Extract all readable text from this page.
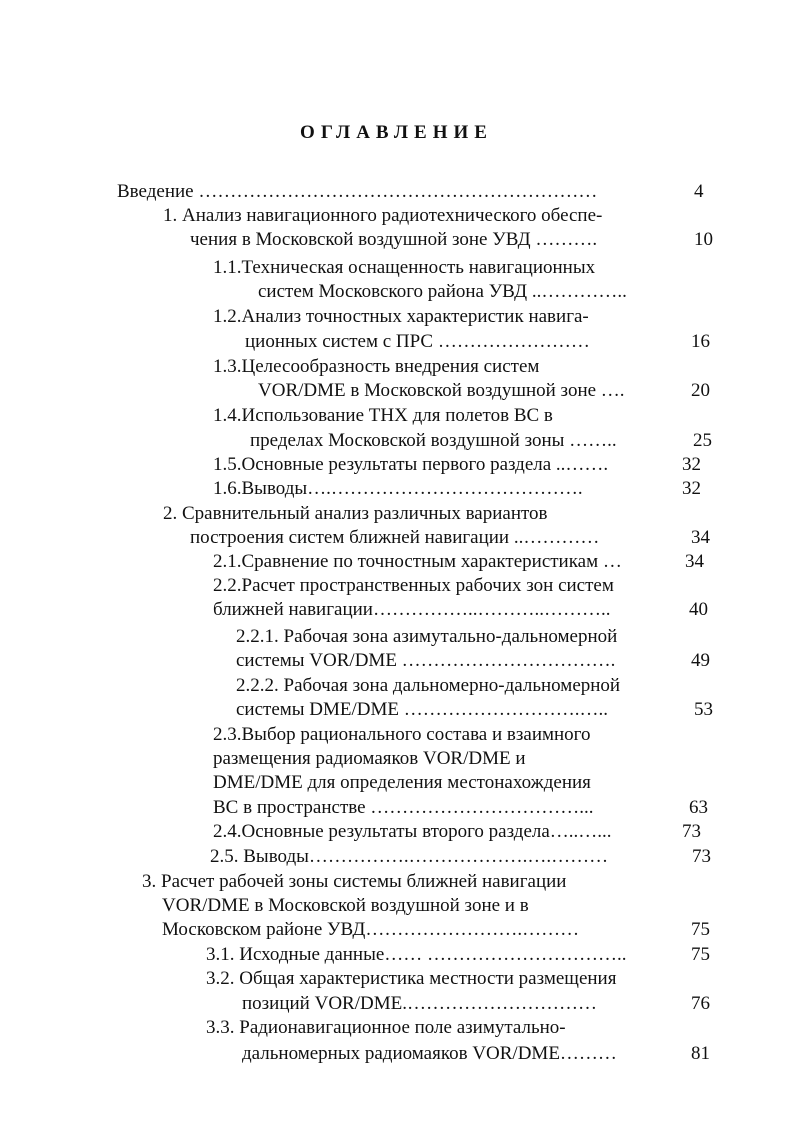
ОГЛАВЛЕНИЕ
Введение ………………………………………………………	4
1. Анализ навигационного радиотехнического обеспе-
чения в Московской воздушной зоне УВД ……….	10
1.1.Техническая оснащенность навигационных
систем Московского района УВД ..…………..
1.2.Анализ точностных характеристик навига-
ционных систем с ПРС ……………………	16
1.3.Целесообразность внедрения систем
VOR/DME в Московской воздушной зоне ….	20
1.4.Использование ТНХ для полетов ВС в
пределах Московской воздушной зоны ……..	25
1.5.Основные результаты первого раздела ..…….	32
1.6.Выводы….………………………………….	32
2. Сравнительный анализ различных вариантов
построения систем ближней навигации ..…………	34
2.1.Сравнение по точностным характеристикам …	34
2.2.Расчет пространственных рабочих зон систем
ближней навигации……………..………..………..	40
2.2.1. Рабочая зона азимутально-дальномерной
системы VOR/DME …………………………….	49
2.2.2. Рабочая зона дальномерно-дальномерной
системы DME/DME ……………………….…..	53
2.3.Выбор рационального состава и взаимного
размещения радиомаяков VOR/DME и
DME/DME для определения местонахождения
ВС в пространстве ……………………………...	63
2.4.Основные результаты второго раздела…..…...	73
2.5. Выводы…………….……………….….………	73
3. Расчет рабочей зоны системы ближней навигации
VOR/DME в Московской воздушной зоне и в
Московском районе УВД…………………….………	75
3.1. Исходные данные…… …………………………..	75
3.2. Общая характеристика местности размещения
позиций VOR/DME.…………………………	76
3.3. Радионавигационное поле азимутально-
дальномерных радиомаяков VOR/DME………	81
